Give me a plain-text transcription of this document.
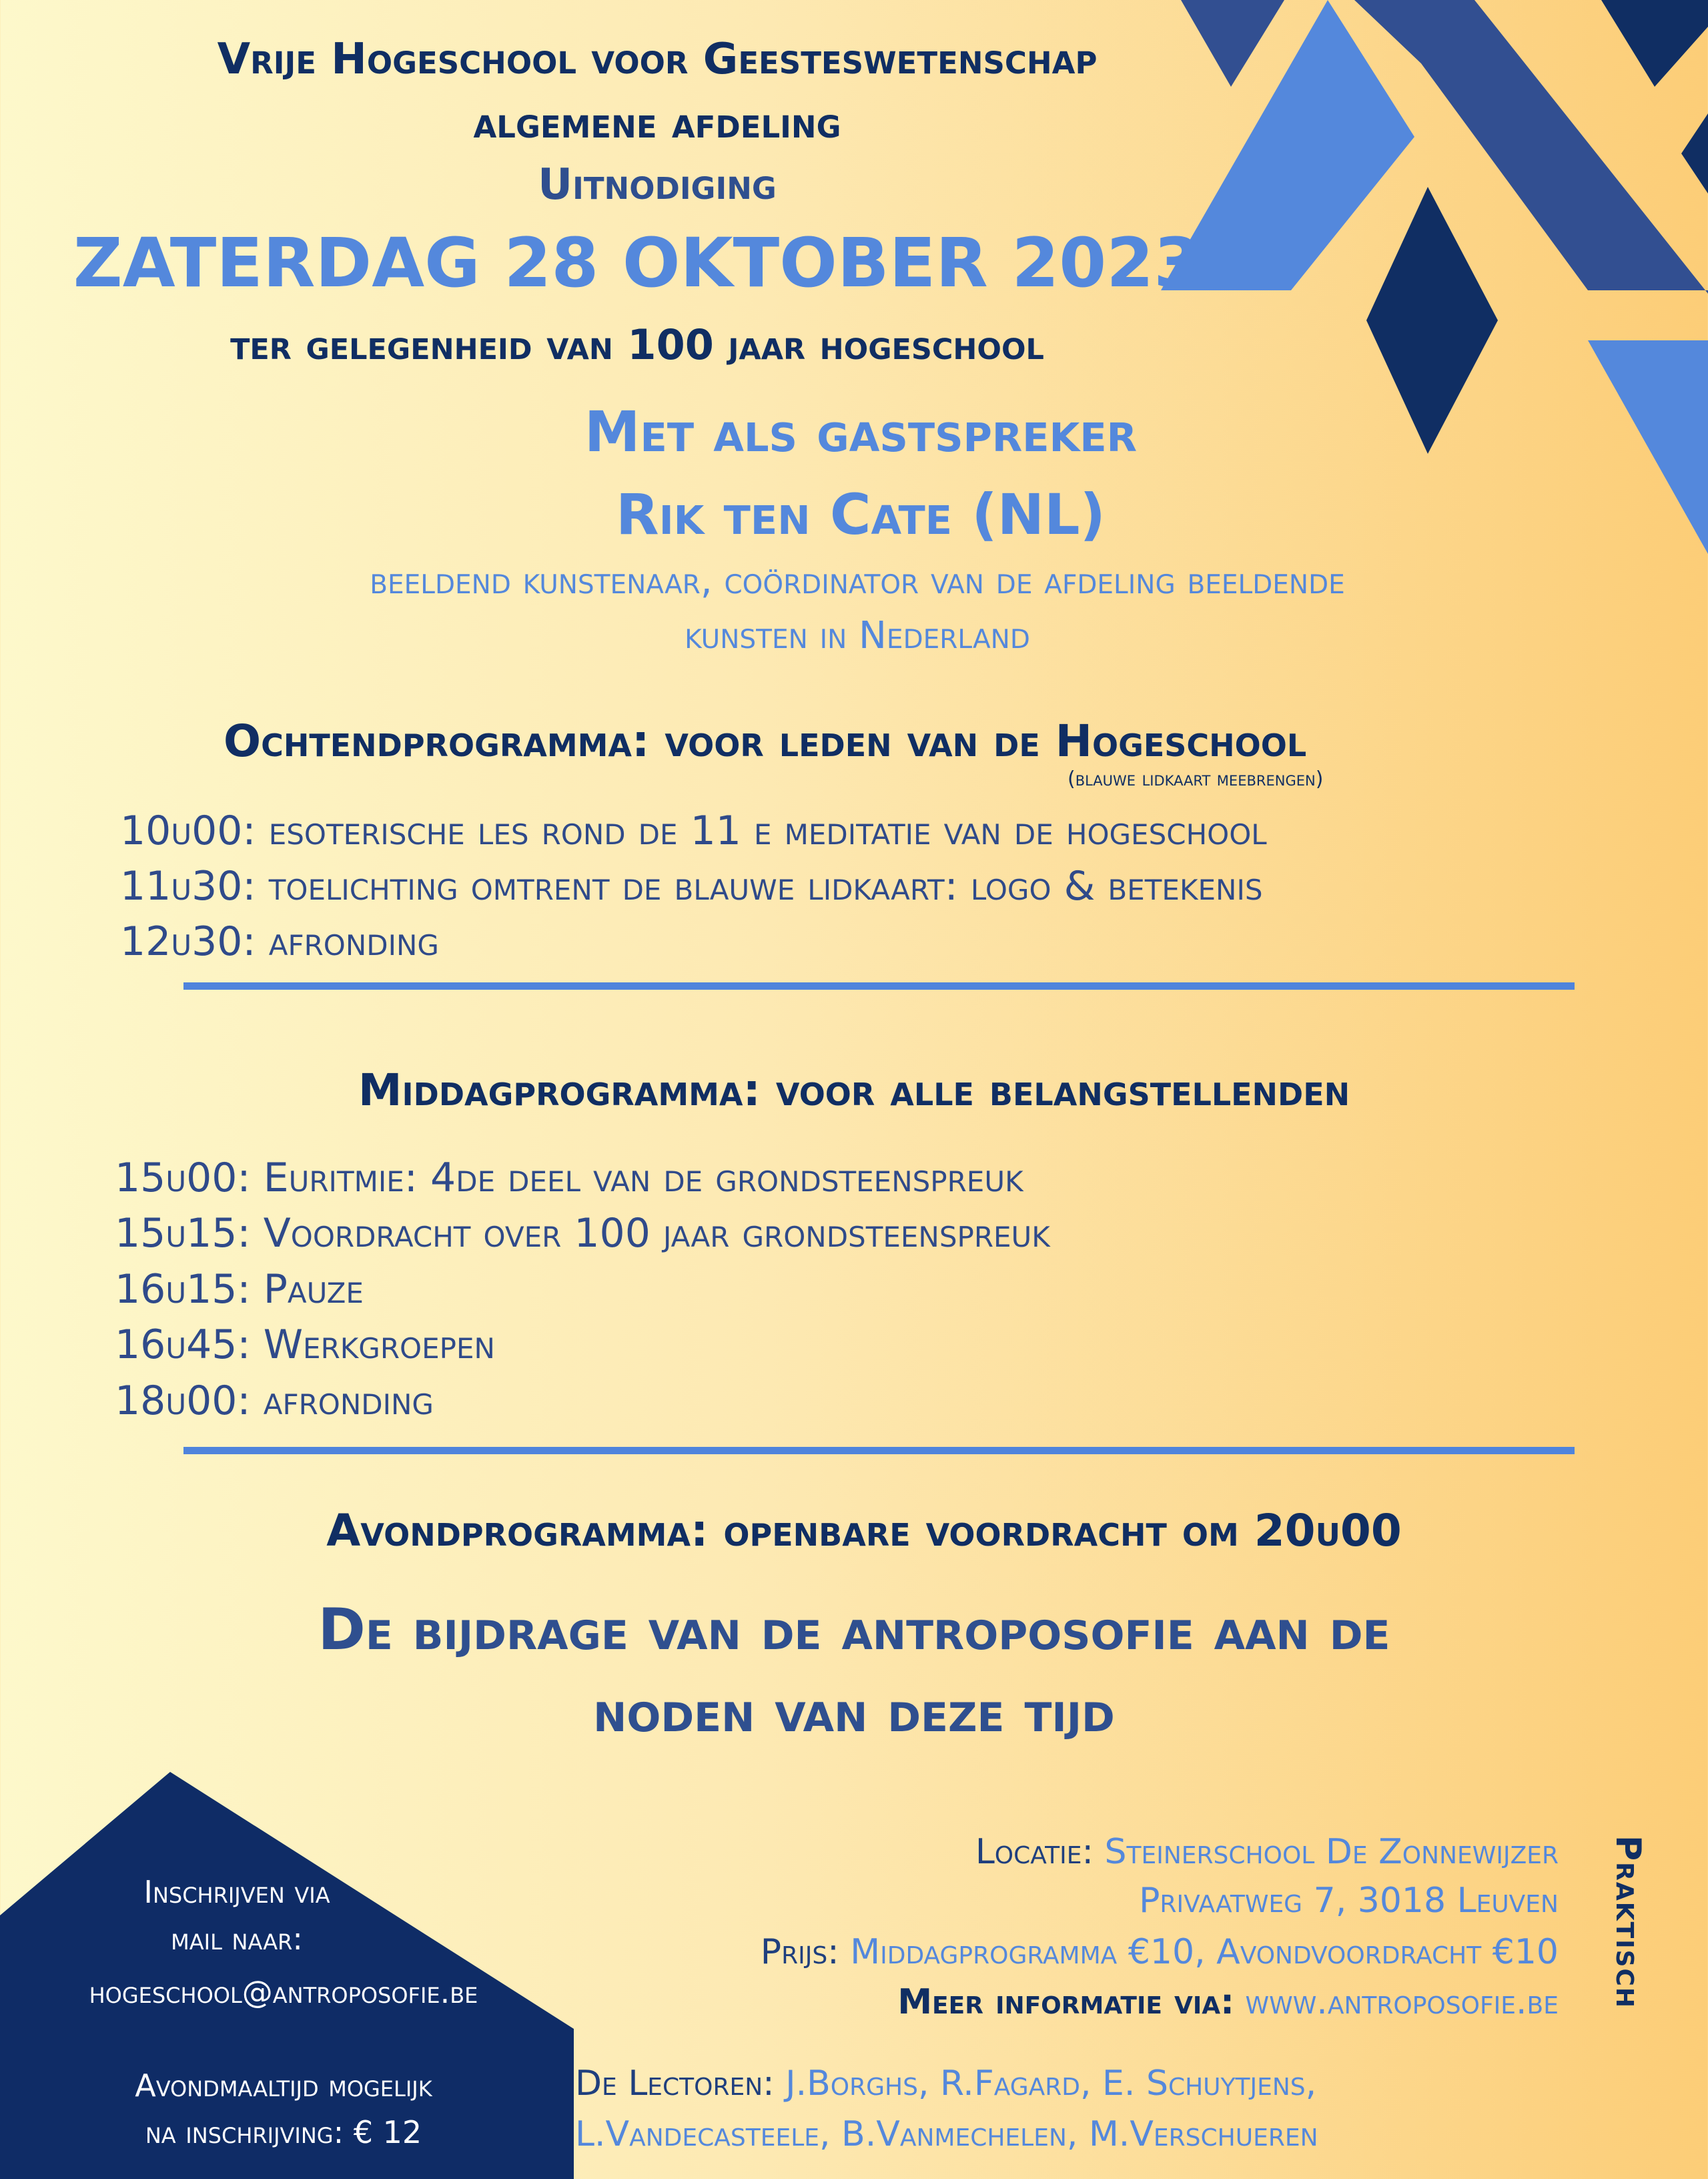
Vrije Hogeschool voor Geesteswetenschap
algemene afdeling
Uitnodiging
ZATERDAG 28 OKTOBER 2023
ter gelegenheid van 100 jaar hogeschool
Met als gastspreker
Rik ten Cate (NL)
beeldend kunstenaar, coördinator van de afdeling beeldende
kunsten in Nederland
Ochtendprogramma: voor leden van de Hogeschool
(blauwe lidkaart meebrengen)
10u00: esoterische les rond de 11 e meditatie van de hogeschool
11u30: toelichting omtrent de blauwe lidkaart: logo & betekenis
12u30: afronding
Middagprogramma: voor alle belangstellenden
15u00: Euritmie: 4de deel van de grondsteenspreuk
15u15: Voordracht over 100 jaar grondsteenspreuk
16u15: Pauze
16u45: Werkgroepen
18u00: afronding
Avondprogramma: openbare voordracht om 20u00
De bijdrage van de antroposofie aan de
noden van deze tijd
Inschrijven via
mail naar:
hogeschool@antroposofie.be
Avondmaaltijd mogelijk
na inschrijving: € 12
Praktisch
Locatie: Steinerschool De Zonnewijzer
Privaatweg 7, 3018 Leuven
Prijs: Middagprogramma €10, Avondvoordracht €10
Meer informatie via: www.antroposofie.be
De Lectoren: J.Borghs, R.Fagard, E. Schuytjens,
L.Vandecasteele, B.Vanmechelen, M.Verschueren
